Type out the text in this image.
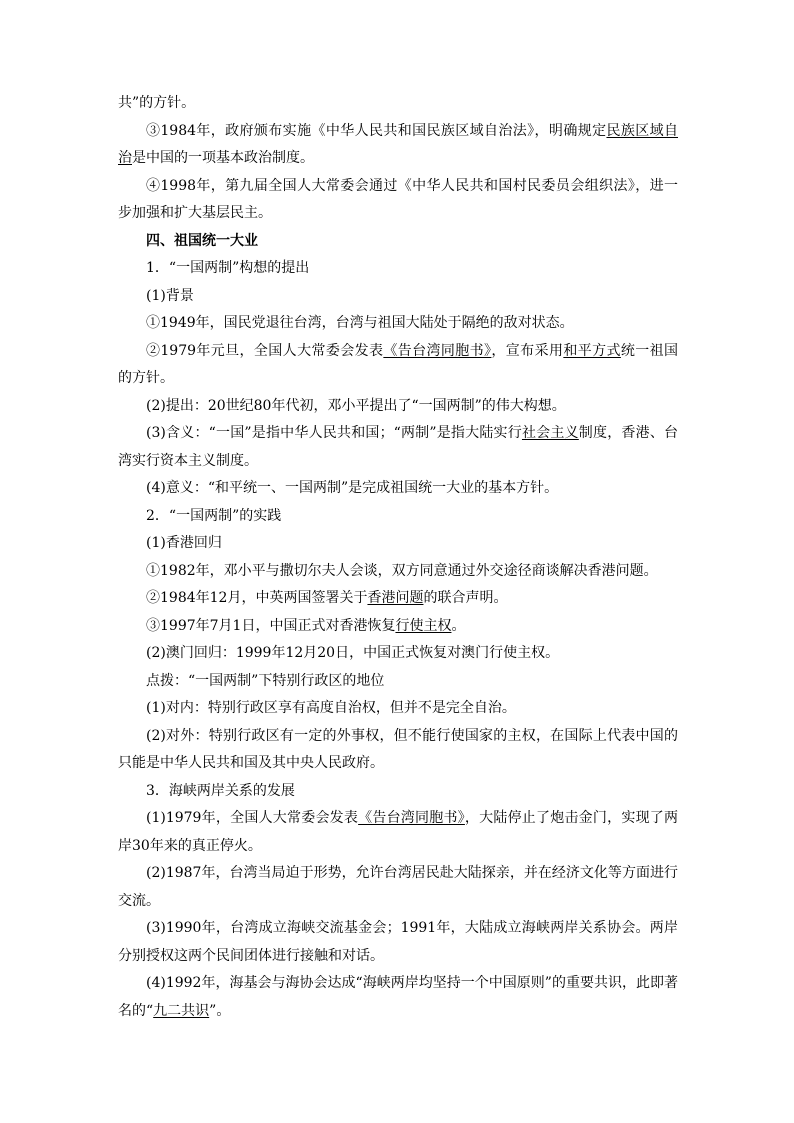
共”的方针。

③1984年，政府颁布实施《中华人民共和国民族区域自治法》，明确规定民族区域自治是中国的一项基本政治制度。

④1998年，第九届全国人大常委会通过《中华人民共和国村民委员会组织法》，进一步加强和扩大基层民主。

四、祖国统一大业

1．“一国两制”构想的提出

(1)背景

①1949年，国民党退往台湾，台湾与祖国大陆处于隔绝的敌对状态。

②1979年元旦，全国人大常委会发表《告台湾同胞书》，宣布采用和平方式统一祖国的方针。

(2)提出：20世纪80年代初，邓小平提出了“一国两制”的伟大构想。

(3)含义：“一国”是指中华人民共和国；“两制”是指大陆实行社会主义制度，香港、台湾实行资本主义制度。

(4)意义：“和平统一、一国两制”是完成祖国统一大业的基本方针。

2．“一国两制”的实践

(1)香港回归

①1982年，邓小平与撒切尔夫人会谈，双方同意通过外交途径商谈解决香港问题。

②1984年12月，中英两国签署关于香港问题的联合声明。

③1997年7月1日，中国正式对香港恢复行使主权。

(2)澳门回归：1999年12月20日，中国正式恢复对澳门行使主权。

点拨：“一国两制”下特别行政区的地位

(1)对内：特别行政区享有高度自治权，但并不是完全自治。

(2)对外：特别行政区有一定的外事权，但不能行使国家的主权，在国际上代表中国的只能是中华人民共和国及其中央人民政府。

3．海峡两岸关系的发展

(1)1979年，全国人大常委会发表《告台湾同胞书》，大陆停止了炮击金门，实现了两岸30年来的真正停火。

(2)1987年，台湾当局迫于形势，允许台湾居民赴大陆探亲，并在经济文化等方面进行交流。

(3)1990年，台湾成立海峡交流基金会；1991年，大陆成立海峡两岸关系协会。两岸分别授权这两个民间团体进行接触和对话。

(4)1992年，海基会与海协会达成“海峡两岸均坚持一个中国原则”的重要共识，此即著名的“九二共识”。
